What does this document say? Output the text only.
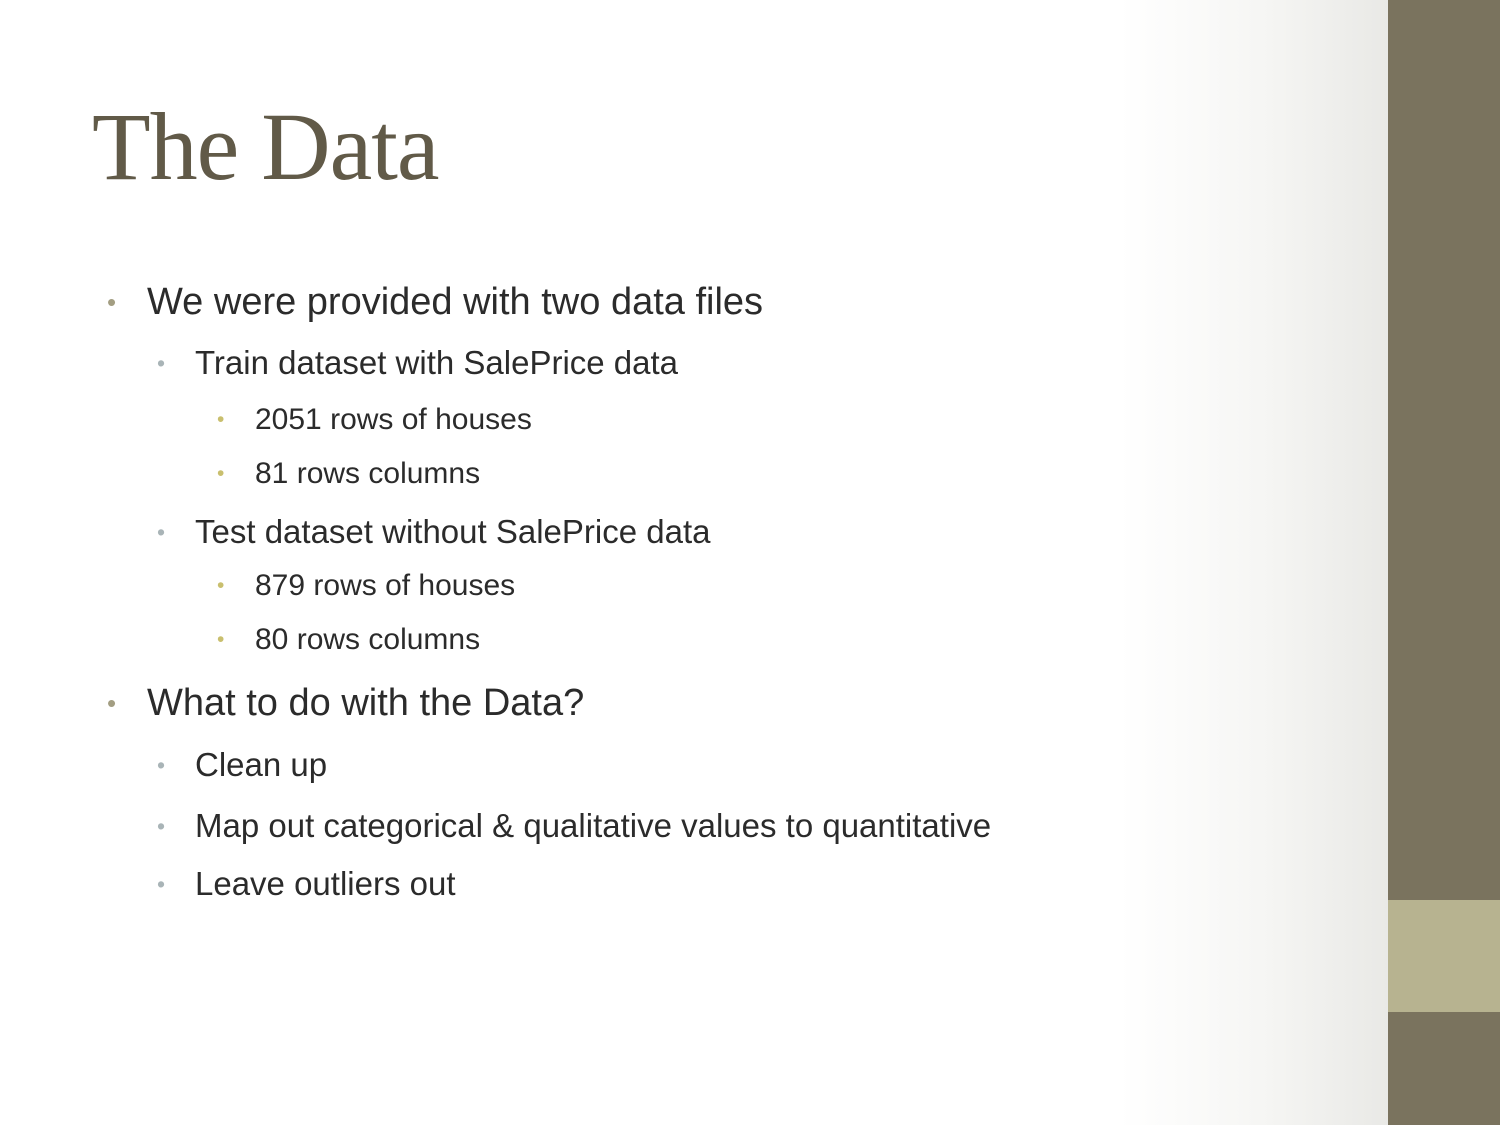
The Data
• We were provided with two data files
• Train dataset with SalePrice data
• 2051 rows of houses
• 81 rows columns
• Test dataset without SalePrice data
• 879 rows of houses
• 80 rows columns
• What to do with the Data?
• Clean up
• Map out categorical & qualitative values to quantitative
• Leave outliers out
